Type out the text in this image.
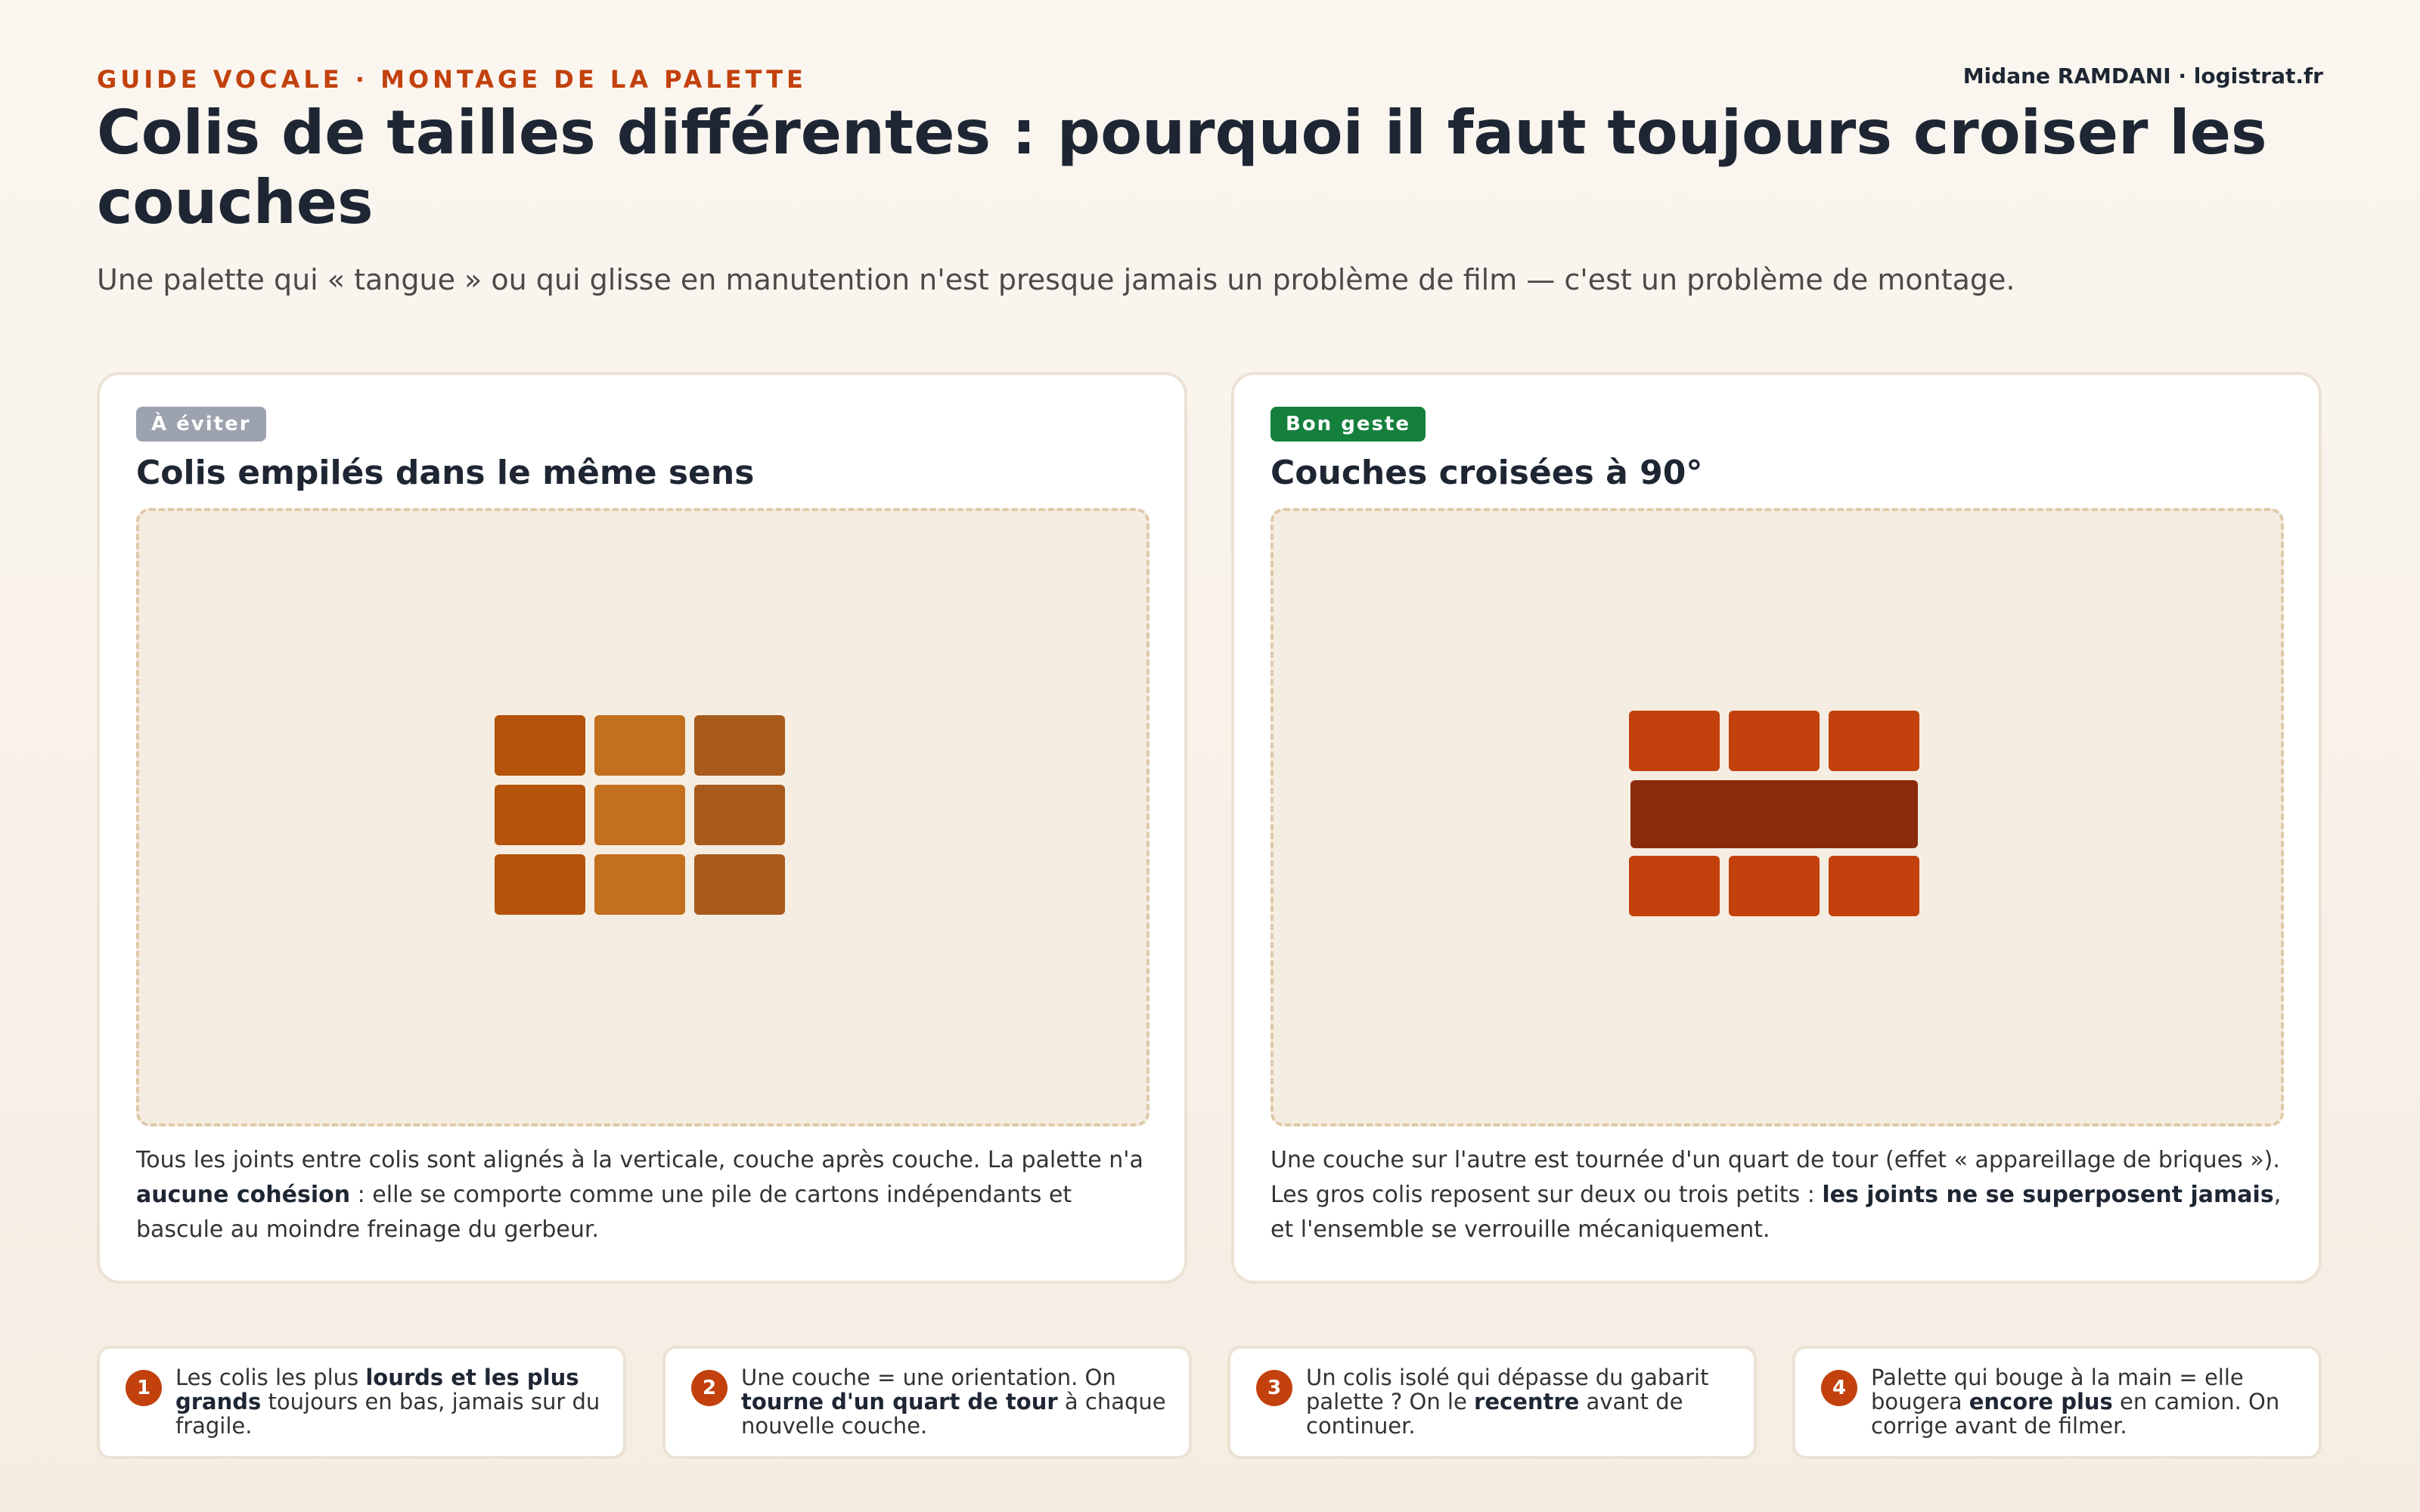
GUIDE VOCALE · MONTAGE DE LA PALETTE	Midane RAMDANI · logistrat.fr
Colis de tailles différentes : pourquoi il faut toujours croiser les couches

Une palette qui « tangue » ou qui glisse en manutention n'est presque jamais un problème de film — c'est un problème de montage.

À éviter
Colis empilés dans le même sens

Tous les joints entre colis sont alignés à la verticale, couche après couche. La palette n'a aucune cohésion : elle se comporte comme une pile de cartons indépendants et bascule au moindre freinage du gerbeur.

Bon geste
Couches croisées à 90°

Une couche sur l'autre est tournée d'un quart de tour (effet « appareillage de briques »). Les gros colis reposent sur deux ou trois petits : les joints ne se superposent jamais, et l'ensemble se verrouille mécaniquement.

1	Les colis les plus lourds et les plus grands toujours en bas, jamais sur du fragile.

2	Une couche = une orientation. On tourne d'un quart de tour à chaque nouvelle couche.

3	Un colis isolé qui dépasse du gabarit palette ? On le recentre avant de continuer.

4	Palette qui bouge à la main = elle bougera encore plus en camion. On corrige avant de filmer.
